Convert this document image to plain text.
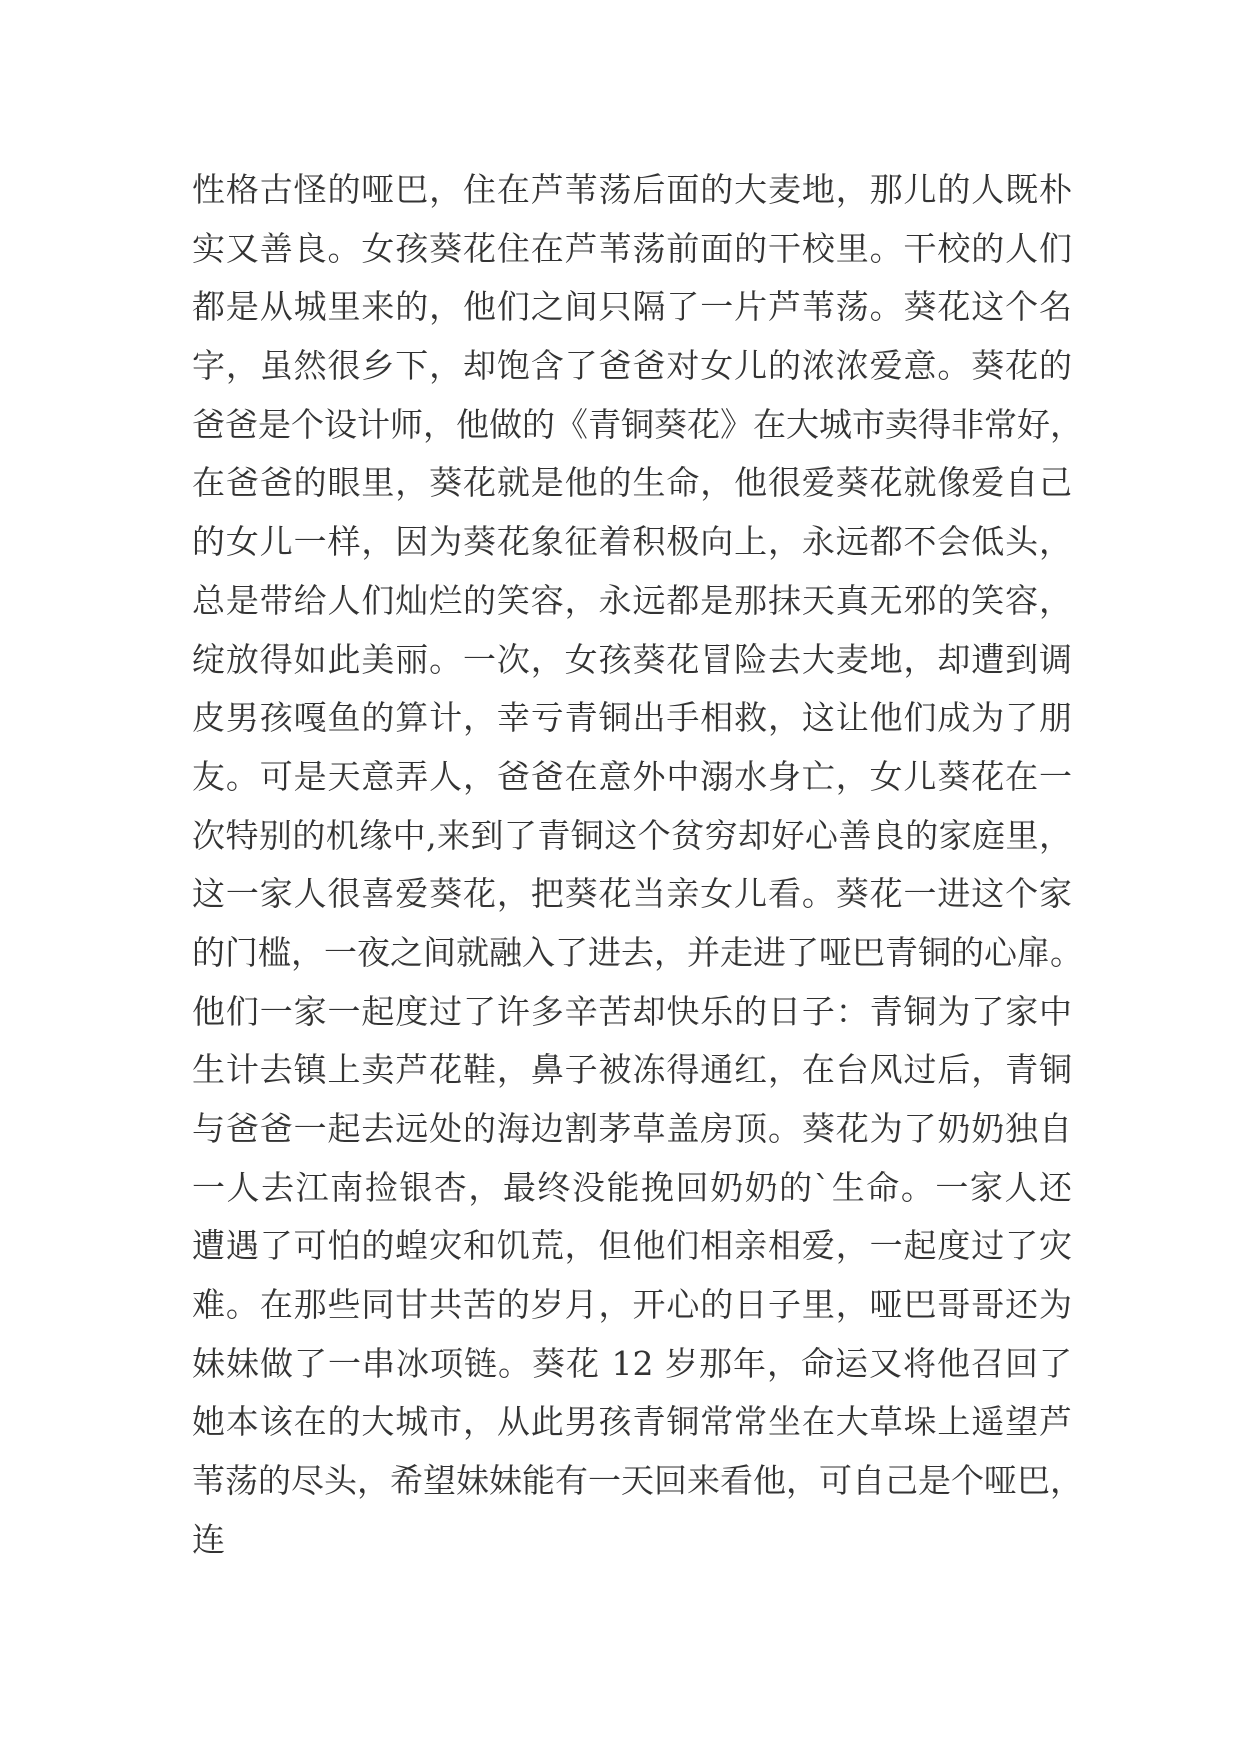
性格古怪的哑巴，住在芦苇荡后面的大麦地，那儿的人既朴
实又善良。女孩葵花住在芦苇荡前面的干校里。干校的人们
都是从城里来的，他们之间只隔了一片芦苇荡。葵花这个名
字，虽然很乡下，却饱含了爸爸对女儿的浓浓爱意。葵花的
爸爸是个设计师，他做的《青铜葵花》在大城市卖得非常好，
在爸爸的眼里，葵花就是他的生命，他很爱葵花就像爱自己
的女儿一样，因为葵花象征着积极向上，永远都不会低头，
总是带给人们灿烂的笑容，永远都是那抹天真无邪的笑容，
绽放得如此美丽。一次，女孩葵花冒险去大麦地，却遭到调
皮男孩嘎鱼的算计，幸亏青铜出手相救，这让他们成为了朋
友。可是天意弄人，爸爸在意外中溺水身亡，女儿葵花在一
次特别的机缘中,来到了青铜这个贫穷却好心善良的家庭里，
这一家人很喜爱葵花，把葵花当亲女儿看。葵花一进这个家
的门槛，一夜之间就融入了进去，并走进了哑巴青铜的心扉。
他们一家一起度过了许多辛苦却快乐的日子：青铜为了家中
生计去镇上卖芦花鞋，鼻子被冻得通红，在台风过后，青铜
与爸爸一起去远处的海边割茅草盖房顶。葵花为了奶奶独自
一人去江南捡银杏，最终没能挽回奶奶的`生命。一家人还
遭遇了可怕的蝗灾和饥荒，但他们相亲相爱，一起度过了灾
难。在那些同甘共苦的岁月，开心的日子里，哑巴哥哥还为
妹妹做了一串冰项链。葵花 12 岁那年，命运又将他召回了
她本该在的大城市，从此男孩青铜常常坐在大草垛上遥望芦
苇荡的尽头，希望妹妹能有一天回来看他，可自己是个哑巴，
连
